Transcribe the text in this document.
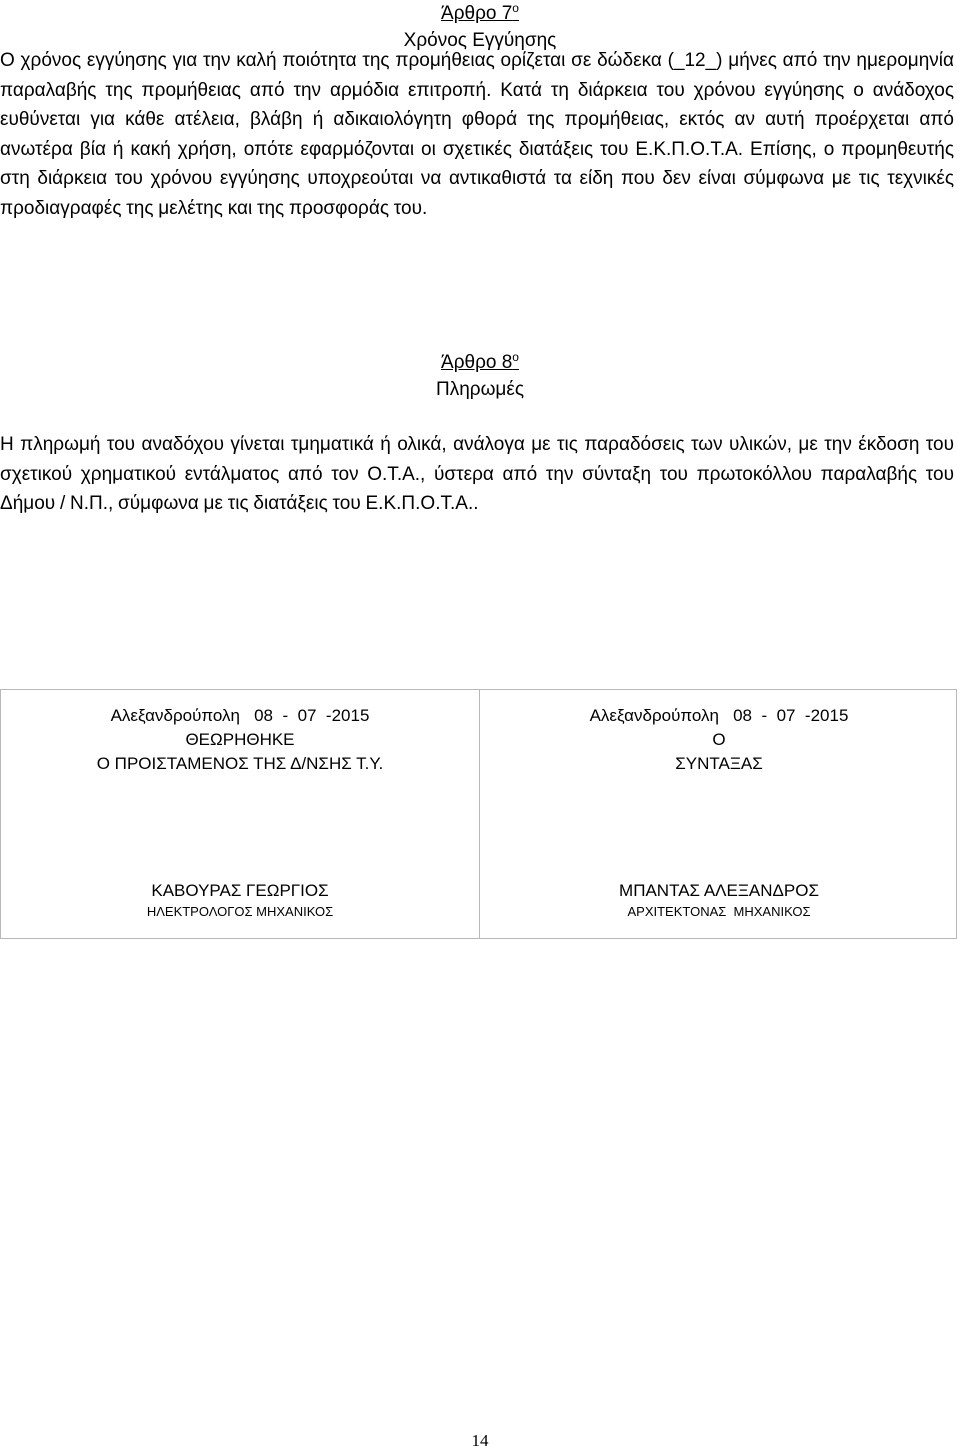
Άρθρο $7^o$
Χρόνος Εγγύησης

Ο χρόνος εγγύησης για την καλή ποιότητα της προμήθειας ορίζεται σε δώδεκα (_12_) μήνες από την ημερομηνία παραλαβής της προμήθειας από την αρμόδια επιτροπή. Κατά τη διάρκεια του χρόνου εγγύησης ο ανάδοχος ευθύνεται για κάθε ατέλεια, βλάβη ή αδικαιολόγητη φθορά της προμήθειας, εκτός αν αυτή προέρχεται από ανωτέρα βία ή κακή χρήση, οπότε εφαρμόζονται οι σχετικές διατάξεις του Ε.Κ.Π.Ο.Τ.Α. Επίσης, ο προμηθευτής στη διάρκεια του χρόνου εγγύησης υποχρεούται να αντικαθιστά τα είδη που δεν είναι σύμφωνα με τις τεχνικές προδιαγραφές της μελέτης και της προσφοράς του.

Άρθρο $8^o$
Πληρωμές

Η πληρωμή του αναδόχου γίνεται τμηματικά ή ολικά, ανάλογα με τις παραδόσεις των υλικών, με την έκδοση του σχετικού χρηματικού εντάλματος από τον Ο.Τ.Α., ύστερα από την σύνταξη του πρωτοκόλλου παραλαβής του Δήμου / Ν.Π., σύμφωνα με τις διατάξεις του Ε.Κ.Π.Ο.Τ.Α..

Αλεξανδρούπολη   08  -  07  -2015
ΘΕΩΡΗΘΗΚΕ
Ο ΠΡΟΙΣΤΑΜΕΝΟΣ ΤΗΣ Δ/ΝΣΗΣ Τ.Υ.
ΚΑΒΟΥΡΑΣ ΓΕΩΡΓΙΟΣ
ΗΛΕΚΤΡΟΛΟΓΟΣ ΜΗΧΑΝΙΚΟΣ
Αλεξανδρούπολη   08  -  07  -2015
Ο
ΣΥΝΤΑΞΑΣ
ΜΠΑΝΤΑΣ ΑΛΕΞΑΝΔΡΟΣ
ΑΡΧΙΤΕΚΤΟΝΑΣ  ΜΗΧΑΝΙΚΟΣ
14
